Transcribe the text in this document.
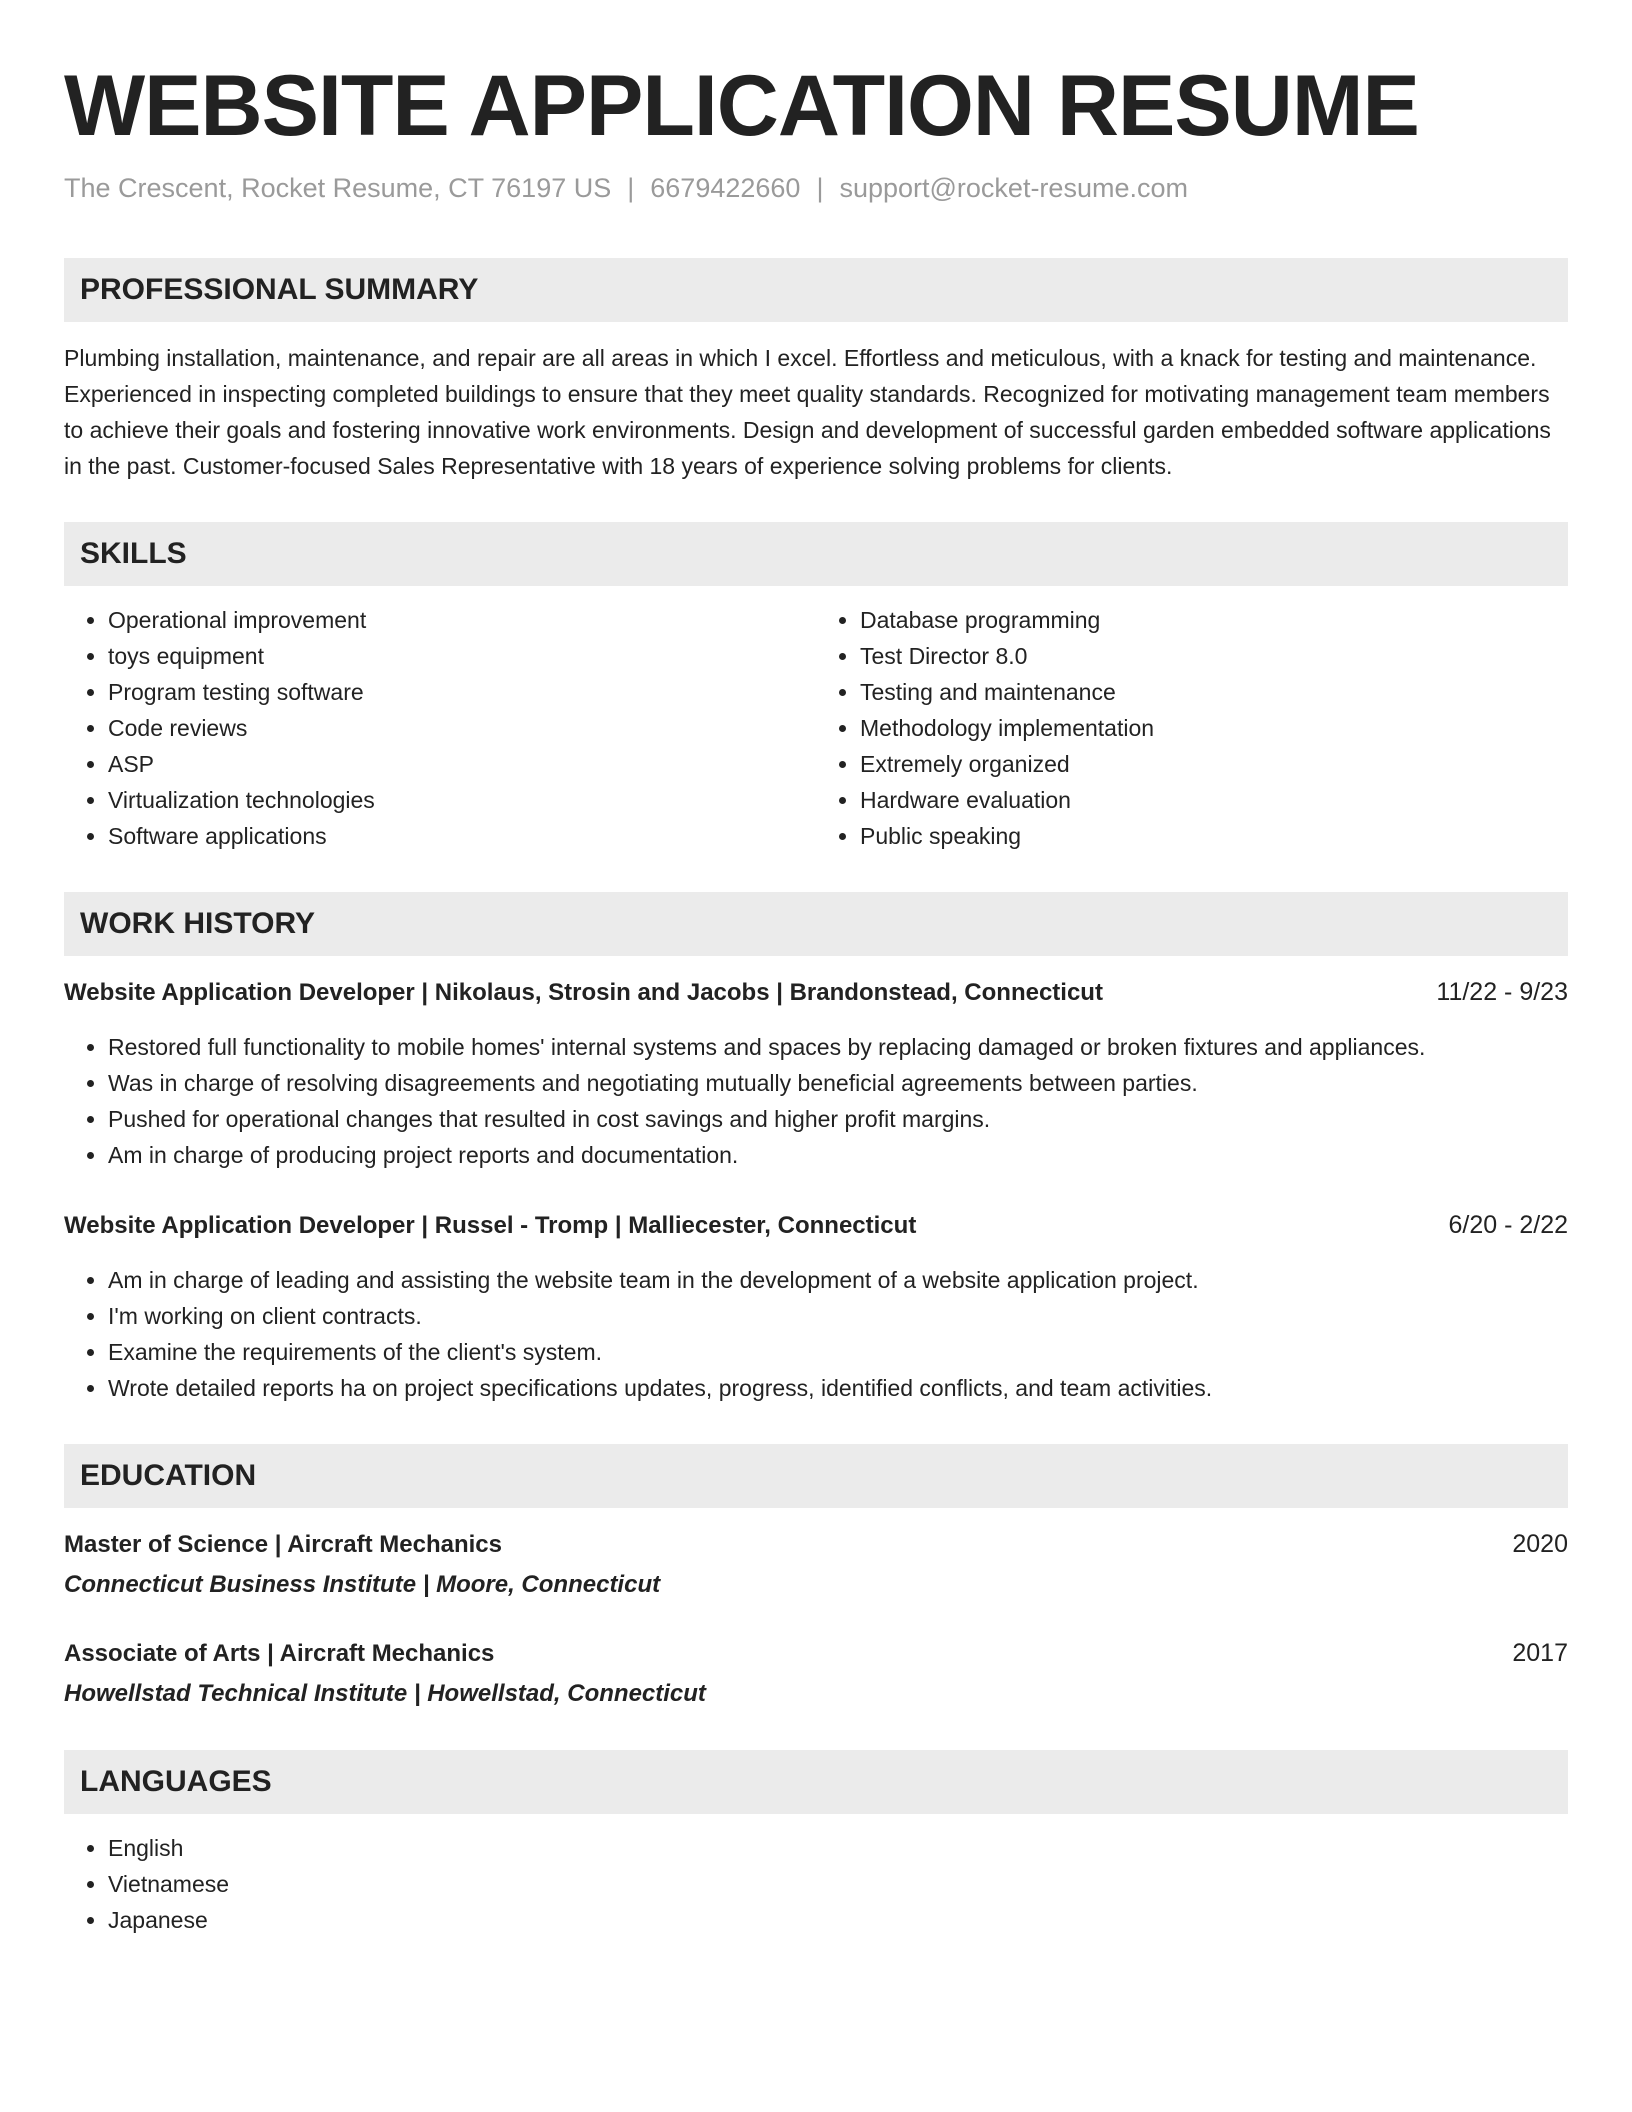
WEBSITE APPLICATION RESUME
The Crescent, Rocket Resume, CT 76197 US | 6679422660 | support@rocket-resume.com
PROFESSIONAL SUMMARY
Plumbing installation, maintenance, and repair are all areas in which I excel. Effortless and meticulous, with a knack for testing and maintenance. Experienced in inspecting completed buildings to ensure that they meet quality standards. Recognized for motivating management team members to achieve their goals and fostering innovative work environments. Design and development of successful garden embedded software applications in the past. Customer-focused Sales Representative with 18 years of experience solving problems for clients.
SKILLS
• Operational improvement
• toys equipment
• Program testing software
• Code reviews
• ASP
• Virtualization technologies
• Software applications
• Database programming
• Test Director 8.0
• Testing and maintenance
• Methodology implementation
• Extremely organized
• Hardware evaluation
• Public speaking
WORK HISTORY
Website Application Developer | Nikolaus, Strosin and Jacobs | Brandonstead, Connecticut	11/22 - 9/23
• Restored full functionality to mobile homes' internal systems and spaces by replacing damaged or broken fixtures and appliances.
• Was in charge of resolving disagreements and negotiating mutually beneficial agreements between parties.
• Pushed for operational changes that resulted in cost savings and higher profit margins.
• Am in charge of producing project reports and documentation.
Website Application Developer | Russel - Tromp | Malliecester, Connecticut	6/20 - 2/22
• Am in charge of leading and assisting the website team in the development of a website application project.
• I'm working on client contracts.
• Examine the requirements of the client's system.
• Wrote detailed reports ha on project specifications updates, progress, identified conflicts, and team activities.
EDUCATION
Master of Science | Aircraft Mechanics	2020
Connecticut Business Institute | Moore, Connecticut
Associate of Arts | Aircraft Mechanics	2017
Howellstad Technical Institute | Howellstad, Connecticut
LANGUAGES
• English
• Vietnamese
• Japanese
